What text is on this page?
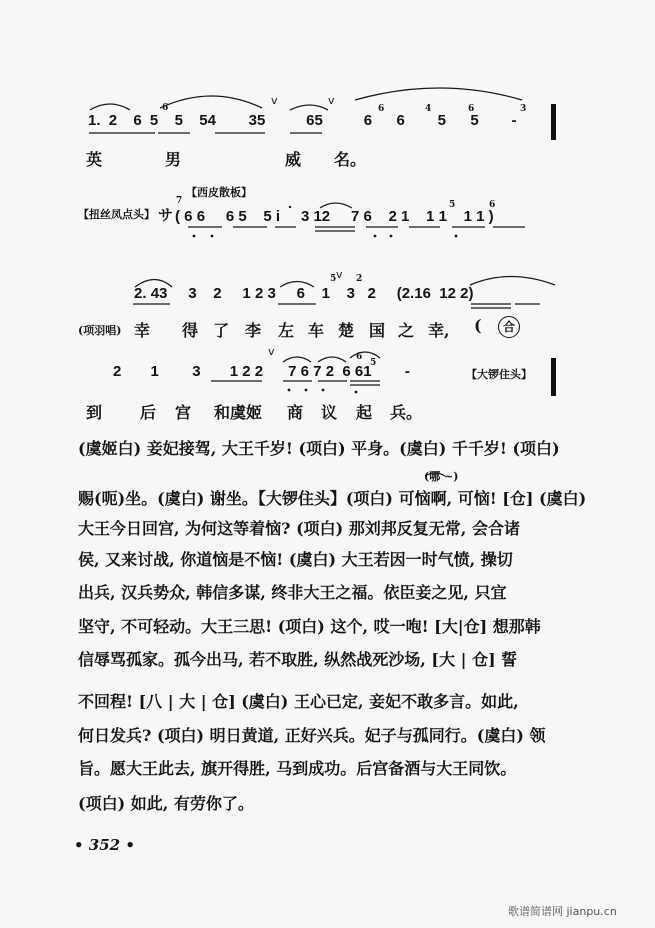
v	v
v
v
1. 2 6 5 5 54 35	65	6 6 5 5 -
6	6	4	6	3
英	男	威 名。
【西皮散板】
【扭丝凤点头】 サ ( 6 6 6 5 5 i 3 12 7 6 2 1 1 1 1 1 )
7	5	6
2. 43 3 2 1 2 3 6 1 3 2 (2.16 12 2)
5 2
(项羽唱) 幸 得 了 李 左 车 楚 国 之 幸, (	合
2 1 3 1 2 2 7 6 7 2 6 61 -
6
5
【大锣住头】
到 后 宫 和虞姬 商 议 起 兵。
(哪 ~)
(虞姬白) 妾妃接驾, 大王千岁! (项白) 平身。(虞白) 千千岁! (项白)
赐(呃)坐。(虞白) 谢坐。【大锣住头】(项白) 可恼啊, 可恼! [仓] (虞白)
大王今日回宫, 为何这等着恼? (项白) 那刘邦反复无常, 会合诸
侯, 又来讨战, 你道恼是不恼! (虞白) 大王若因一时气愤, 操切
出兵, 汉兵势众, 韩信多谋, 终非大王之福。依臣妾之见, 只宜
坚守, 不可轻动。大王三思! (项白) 这个, 哎一咆! [大|仓] 想那韩
信辱骂孤家。孤今出马, 若不取胜, 纵然战死沙场, [大 | 仓] 誓
不回程! [八 | 大 | 仓] (虞白) 王心已定, 妾妃不敢多言。如此,
何日发兵? (项白) 明日黄道, 正好兴兵。妃子与孤同行。(虞白) 领
旨。愿大王此去, 旗开得胜, 马到成功。后宫备酒与大王同饮。
(项白) 如此, 有劳你了。
• 352 •
歌谱简谱网 jianpu.cn
